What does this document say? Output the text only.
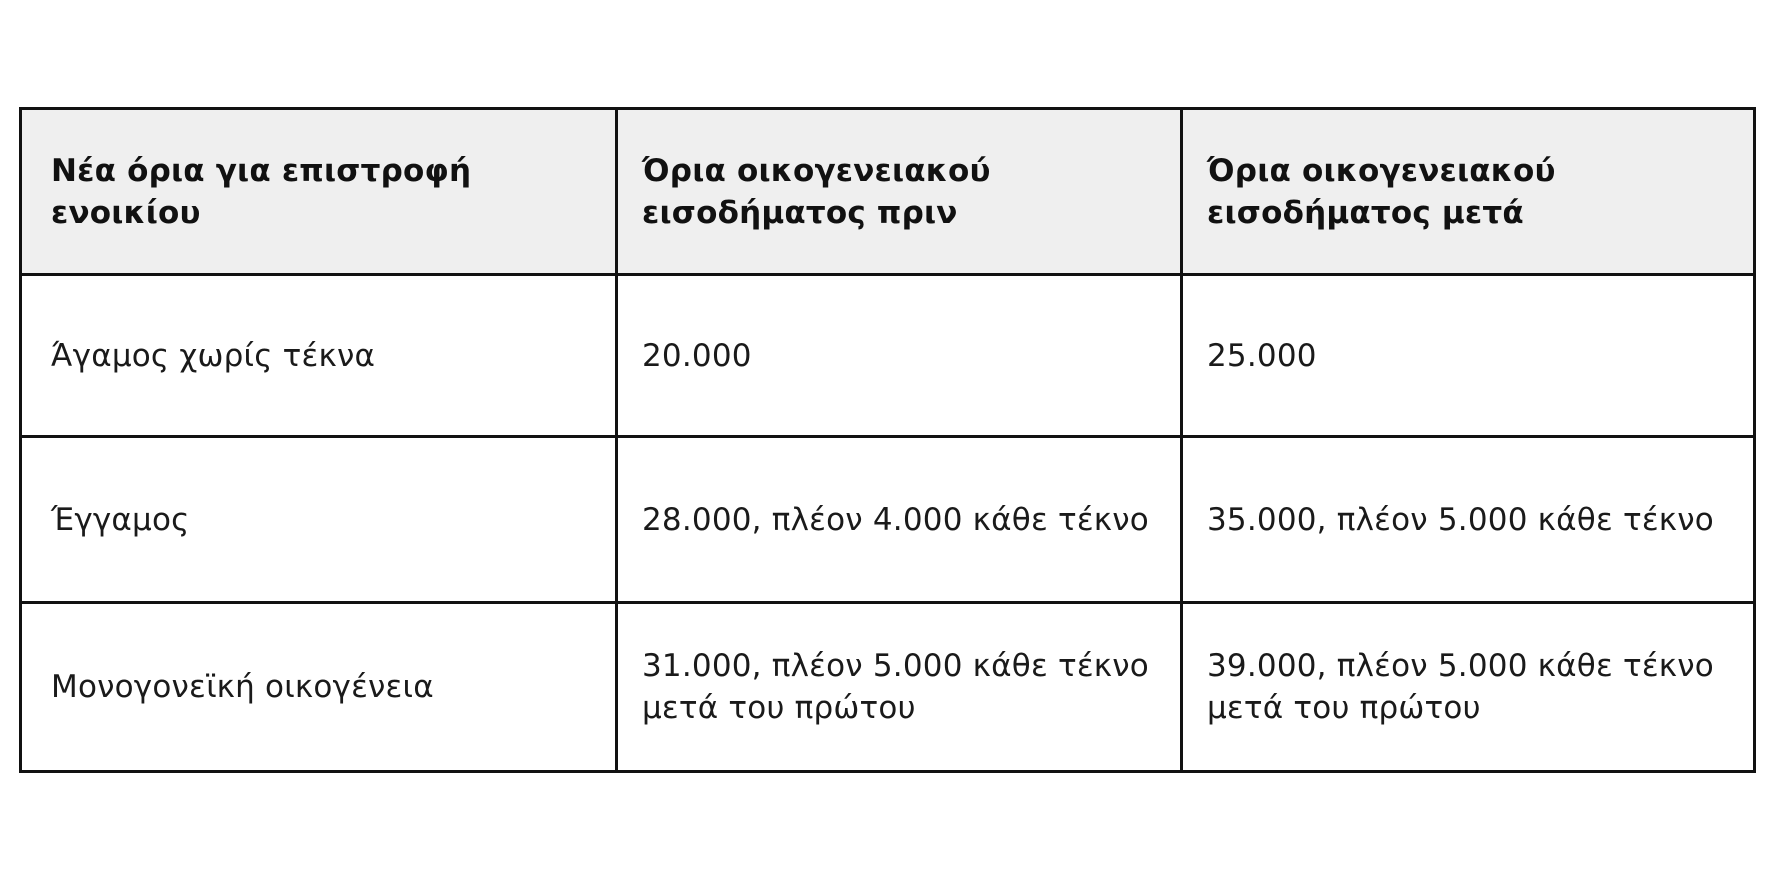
Νέα όρια για επιστροφή ενοικίου	Όρια οικογενειακού εισοδήματος πριν	Όρια οικογενειακού εισοδήματος μετά
Άγαμος χωρίς τέκνα	20.000	25.000
Έγγαμος	28.000, πλέον 4.000 κάθε τέκνο	35.000, πλέον 5.000 κάθε τέκνο
Μονογονεϊκή οικογένεια	31.000, πλέον 5.000 κάθε τέκνο μετά του πρώτου	39.000, πλέον 5.000 κάθε τέκνο μετά του πρώτου
